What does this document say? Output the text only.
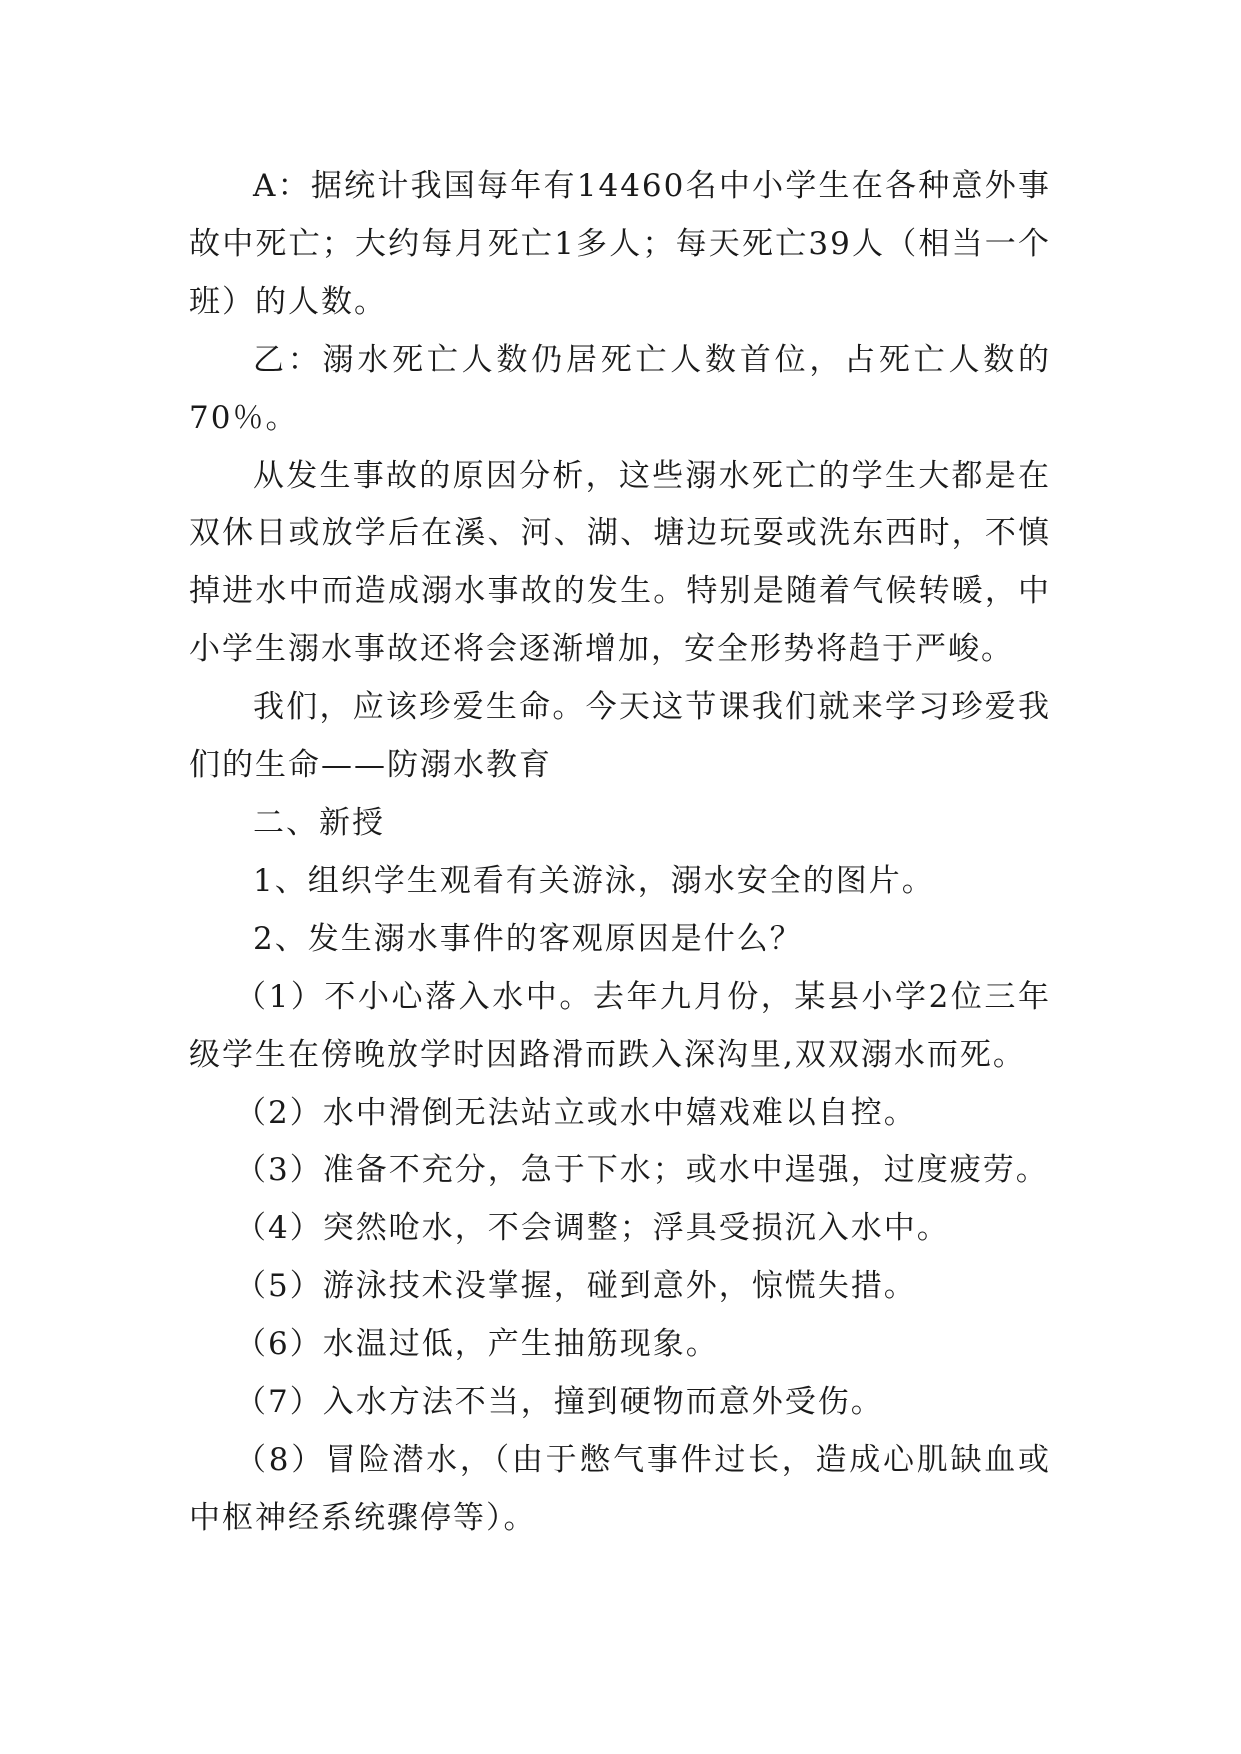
A：据统计我国每年有14460名中小学生在各种意外事故中死亡；大约每月死亡1多人；每天死亡39人（相当一个班）的人数。

乙：溺水死亡人数仍居死亡人数首位，占死亡人数的70％。

从发生事故的原因分析，这些溺水死亡的学生大都是在双休日或放学后在溪、河、湖、塘边玩耍或洗东西时，不慎掉进水中而造成溺水事故的发生。特别是随着气候转暖，中小学生溺水事故还将会逐渐增加，安全形势将趋于严峻。

我们，应该珍爱生命。今天这节课我们就来学习珍爱我们的生命——防溺水教育

二、新授

1、组织学生观看有关游泳，溺水安全的图片。

2、发生溺水事件的客观原因是什么？

（1）不小心落入水中。去年九月份，某县小学2位三年级学生在傍晚放学时因路滑而跌入深沟里,双双溺水而死。

（2）水中滑倒无法站立或水中嬉戏难以自控。

（3）准备不充分，急于下水；或水中逞强，过度疲劳。

（4）突然呛水，不会调整；浮具受损沉入水中。

（5）游泳技术没掌握，碰到意外，惊慌失措。

（6）水温过低，产生抽筋现象。

（7）入水方法不当，撞到硬物而意外受伤。

（8）冒险潜水，（由于憋气事件过长，造成心肌缺血或中枢神经系统骤停等）。
